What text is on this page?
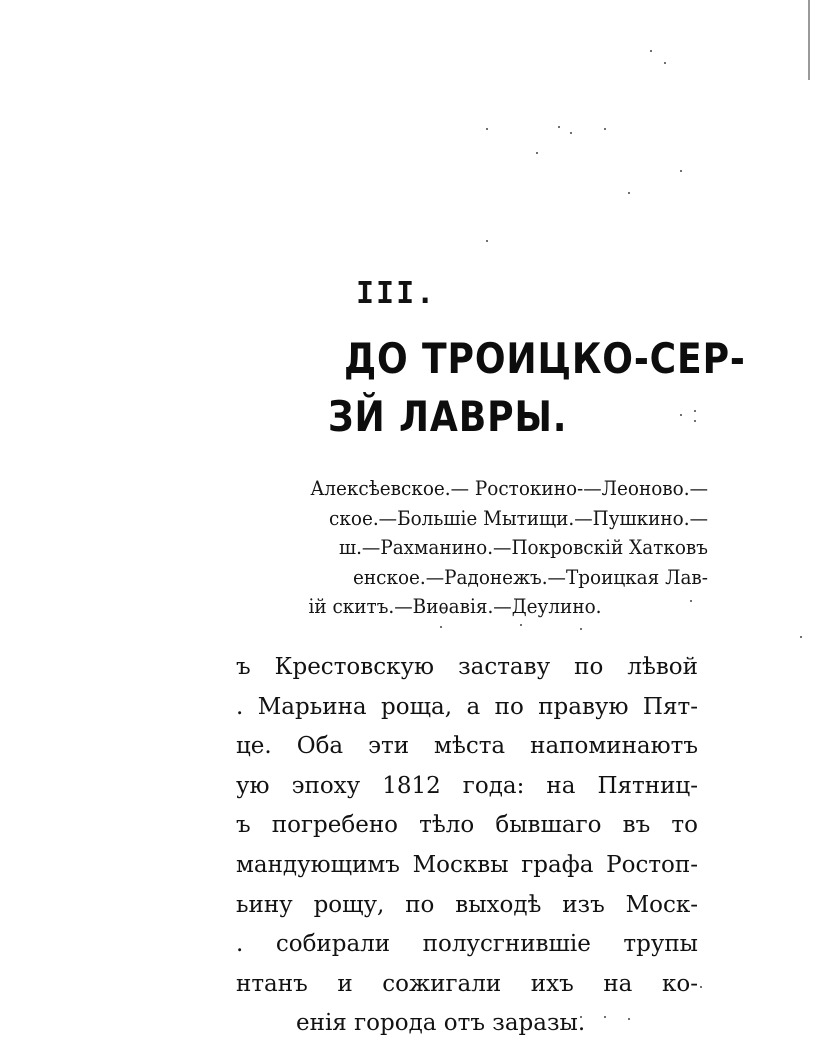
III.
ДО ТРОИЦКО-СЕР-
ЗЙ ЛАВРЫ.
Алексѣевское.— Ростокино-—Леоново.—
ское.—Большіе Мытищи.—Пушкино.—
ш.—Рахманино.—Покровскій Хатковъ
енское.—Радонежъ.—Троицкая Лав-
ій скитъ.—Виѳавія.—Деулино.
ъ Крестовскую заставу по лѣвой
. Марьина роща, а по правую Пят-
це. Оба эти мѣста напоминаютъ
ую эпоху 1812 года: на Пятниц-
ъ погребено тѣло бывшаго въ то
мандующимъ Москвы графа Ростоп-
ьину рощу, по выходѣ изъ Моск-
. собирали полусгнившіе трупы
нтанъ и сожигали ихъ на ко-
енія города отъ заразы.
